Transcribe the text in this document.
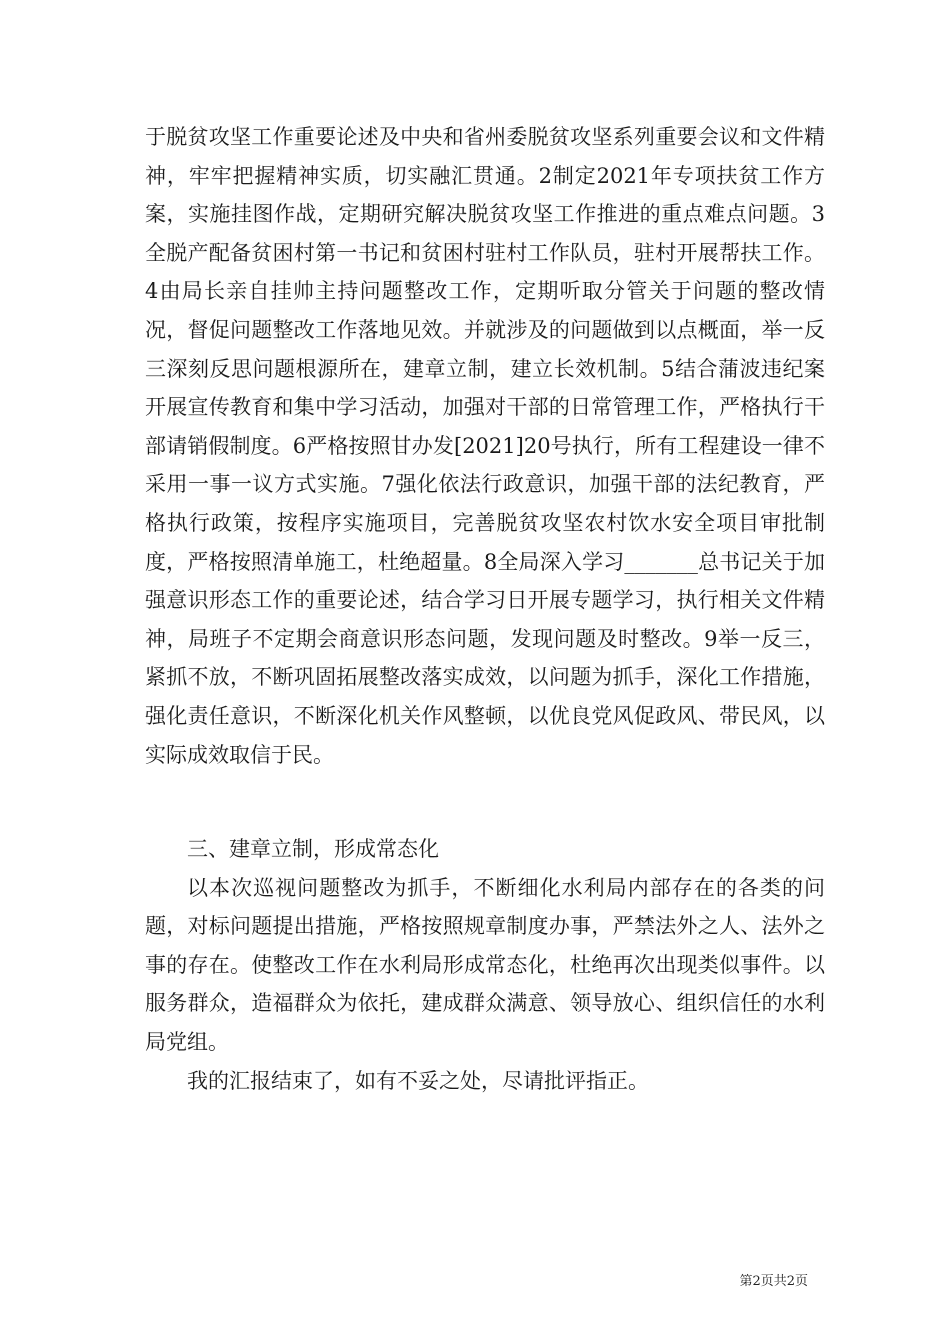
于脱贫攻坚工作重要论述及中央和省州委脱贫攻坚系列重要会议和文件精神，牢牢把握精神实质，切实融汇贯通。2制定2021年专项扶贫工作方案，实施挂图作战，定期研究解决脱贫攻坚工作推进的重点难点问题。3全脱产配备贫困村第一书记和贫困村驻村工作队员，驻村开展帮扶工作。4由局长亲自挂帅主持问题整改工作，定期听取分管关于问题的整改情况，督促问题整改工作落地见效。并就涉及的问题做到以点概面，举一反三深刻反思问题根源所在，建章立制，建立长效机制。5结合蒲波违纪案开展宣传教育和集中学习活动，加强对干部的日常管理工作，严格执行干部请销假制度。6严格按照甘办发[2021]20号执行，所有工程建设一律不采用一事一议方式实施。7强化依法行政意识，加强干部的法纪教育，严格执行政策，按程序实施项目，完善脱贫攻坚农村饮水安全项目审批制度，严格按照清单施工，杜绝超量。8全局深入学习_______总书记关于加强意识形态工作的重要论述，结合学习日开展专题学习，执行相关文件精神，局班子不定期会商意识形态问题，发现问题及时整改。9举一反三，紧抓不放，不断巩固拓展整改落实成效，以问题为抓手，深化工作措施，强化责任意识，不断深化机关作风整顿，以优良党风促政风、带民风，以实际成效取信于民。

三、建章立制，形成常态化

以本次巡视问题整改为抓手，不断细化水利局内部存在的各类的问题，对标问题提出措施，严格按照规章制度办事，严禁法外之人、法外之事的存在。使整改工作在水利局形成常态化，杜绝再次出现类似事件。以服务群众，造福群众为依托，建成群众满意、领导放心、组织信任的水利局党组。

我的汇报结束了，如有不妥之处，尽请批评指正。

第2页共2页
